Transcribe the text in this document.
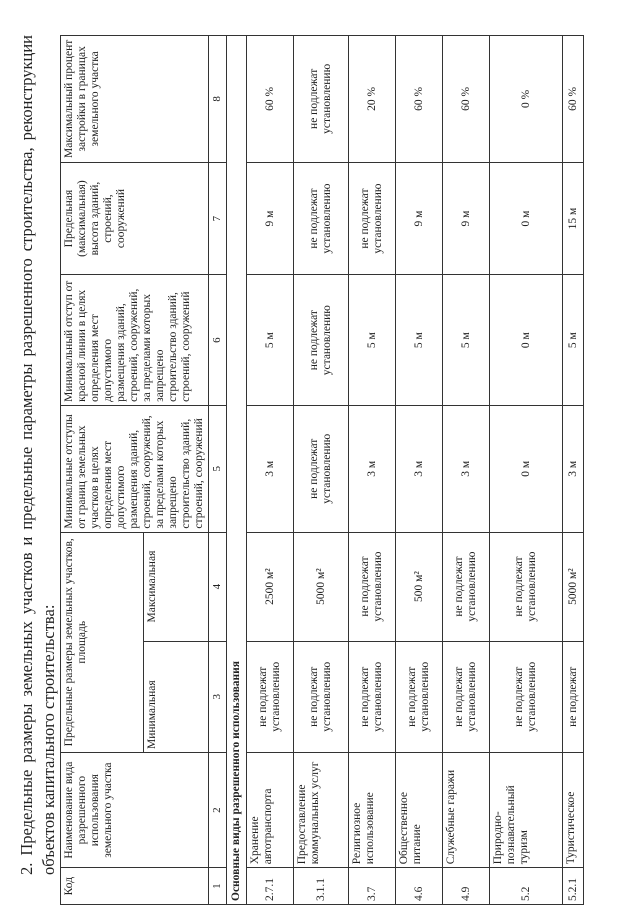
2. Предельные размеры земельных участков и предельные параметры разрешенного строительства, реконструкции объектов капитального строительства:
Код	Наименование вида разрешенного использования земельного участка	Предельные размеры земельных участков, площадь		Минимальные отступы от границ земельных участков в целях определения мест допустимого размещения зданий, строений, сооружений, за пределами которых запрещено строительство зданий, строений, сооружений	Минимальный отступ от красной линии в целях определения мест допустимого размещения зданий, строений, сооружений, за пределами которых запрещено строительство зданий, строений, сооружений	Предельная (максимальная) высота зданий, строений, сооружений	Максимальный процент застройки в границах земельного участка
		Минимальная	Максимальная				
1	2	3	4	5	6	7	8
Основные виды разрешенного использования							
2.7.1	Хранение автотранспорта	не подлежат установлению	2500 м²	3 м	5 м	9 м	60 %
3.1.1	Предоставление коммунальных услуг	не подлежат установлению	5000 м²	не подлежат установлению	не подлежат установлению	не подлежат установлению	не подлежат установлению
3.7	Религиозное использование	не подлежат установлению	не подлежат установлению	3 м	5 м	не подлежат установлению	20 %
4.6	Общественное питание	не подлежат установлению	500 м²	3 м	5 м	9 м	60 %
4.9	Служебные гаражи	не подлежат установлению	не подлежат установлению	3 м	5 м	9 м	60 %
5.2	Природно-познавательный туризм	не подлежат установлению	не подлежат установлению	0 м	0 м	0 м	0 %
5.2.1	Туристическое	не подлежат	5000 м²	3 м	5 м	15 м	60 %
